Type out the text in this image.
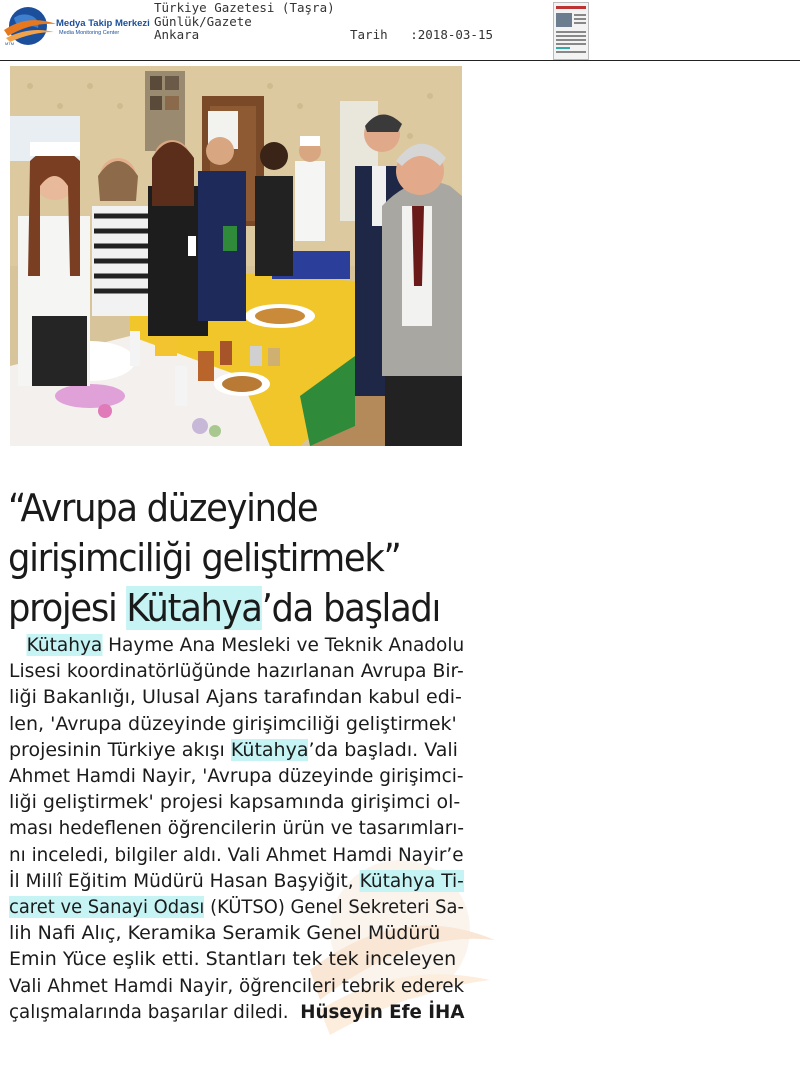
MTM
Medya Takip Merkezi
Media Monitoring Center
Türkiye Gazetesi (Taşra)
Günlük/Gazete
Ankara

	Tarih   :2018-03-15

“Avrupa düzeyinde
girişimciliği geliştirmek”
projesi Kütahya’da başladı
Kütahya Hayme Ana Mesleki ve Teknik Anadolu
Lisesi koordinatörlüğünde hazırlanan Avrupa Bir-
liği Bakanlığı, Ulusal Ajans tarafından kabul edi-
len, 'Avrupa düzeyinde girişimciliği geliştirmek'
projesinin Türkiye akışı Kütahya’da başladı. Vali
Ahmet Hamdi Nayir, 'Avrupa düzeyinde girişimci-
liği geliştirmek' projesi kapsamında girişimci ol-
ması hedeflenen öğrencilerin ürün ve tasarımları-
nı inceledi, bilgiler aldı. Vali Ahmet Hamdi Nayir’e
İl Millî Eğitim Müdürü Hasan Başyiğit, Kütahya Ti-
caret ve Sanayi Odası (KÜTSO) Genel Sekreteri Sa-
lih Nafi Alıç, Keramika Seramik Genel Müdürü
Emin Yüce eşlik etti. Stantları tek tek inceleyen
Vali Ahmet Hamdi Nayir, öğrencileri tebrik ederek
çalışmalarında başarılar diledi.  Hüseyin Efe İHA
